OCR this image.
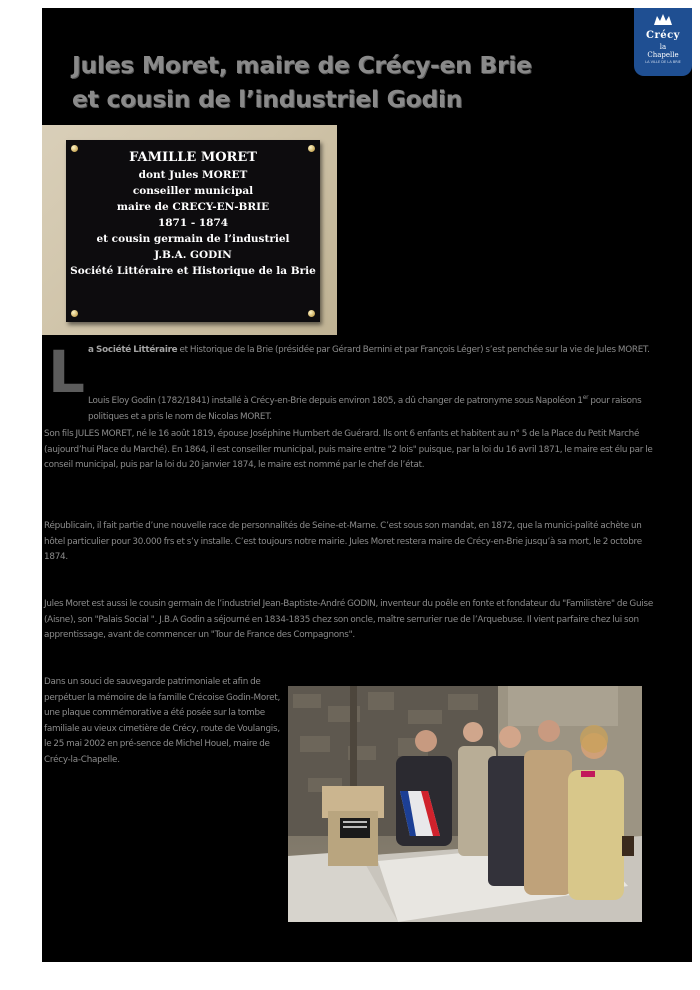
Crécy
la
Chapelle
LA VILLE DE LA BRIE
Jules Moret, maire de Crécy-en Brie
et cousin de l’industriel Godin
FAMILLE MORET
dont Jules MORET
conseiller municipal
maire de CRECY-EN-BRIE
1871 - 1874
et cousin germain de l’industriel
J.B.A. GODIN
Société Littéraire et Historique de la Brie
L a Société Littéraire et Historique de la Brie (présidée par Gérard Bernini et par François Léger) s’est penchée sur la vie de Jules MORET.

Louis Eloy Godin (1782/1841) installé à Crécy-en-Brie depuis environ 1805, a dû changer de patronyme sous Napoléon 1er pour raisons politiques et a pris le nom de Nicolas MORET.

Son fils JULES MORET, né le 16 août 1819, épouse Joséphine Humbert de Guérard. Ils ont 6 enfants et habitent au n° 5 de la Place du Petit Marché (aujourd’hui Place du Marché). En 1864, il est conseiller municipal, puis maire entre "2 lois" puisque, par la loi du 16 avril 1871, le maire est élu par le conseil municipal, puis par la loi du 20 janvier 1874, le maire est nommé par le chef de l’état.

Républicain, il fait partie d’une nouvelle race de personnalités de Seine-et-Marne. C’est sous son mandat, en 1872, que la munici-palité achète un hôtel particulier pour 30.000 frs et s’y installe. C’est toujours notre mairie. Jules Moret restera maire de Crécy-en-Brie jusqu’à sa mort, le 2 octobre 1874.

Jules Moret est aussi le cousin germain de l’industriel Jean-Baptiste-André GODIN, inventeur du poêle en fonte et fondateur du "Familistère" de Guise (Aisne), son "Palais Social ". J.B.A Godin a séjourné en 1834-1835 chez son oncle, maître serrurier rue de l’Arquebuse. Il vient parfaire chez lui son apprentissage, avant de commencer un "Tour de France des Compagnons".

Dans un souci de sauvegarde patrimoniale et afin de perpétuer la mémoire de la famille Crécoise Godin-Moret, une plaque commémorative a été posée sur la tombe familiale au vieux cimetière de Crécy, route de Voulangis, le 25 mai 2002 en pré-sence de Michel Houel, maire de Crécy-la-Chapelle.
